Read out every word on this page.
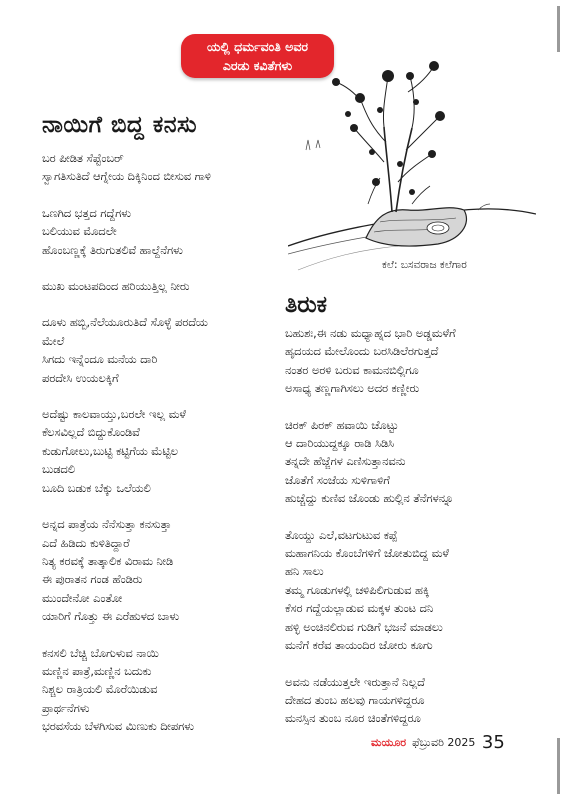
ಯಲ್ಲಿ ಧರ್ಮವಂತಿ ಅವರ
ಎರಡು ಕವಿತೆಗಳು
ನಾಯಿಗೆ ಬಿದ್ದ ಕನಸು
ಬರ ಪೀಡಿತ ಸೆಪ್ಟೆಂಬರ್
ಸ್ವಾಗತಿಸುತಿದೆ ಆಗ್ನೇಯ ದಿಕ್ಕಿನಿಂದ ಬೀಸುವ ಗಾಳಿ
ಒಣಗಿದ ಭತ್ತದ ಗದ್ದೆಗಳು
ಬಲಿಯುವ ಮೊದಲೇ
ಹೊಂಬಣ್ಣಕ್ಕೆ ತಿರುಗುತಲಿವೆ ಹಾಲ್ದೆನೆಗಳು
ಮುಖ ಮಂಟಪದಿಂದ ಹರಿಯುತ್ತಿಲ್ಲ ನೀರು
ದೂಳು ಹಬ್ಬಿ,ನೆಲೆಯೂರುತಿದೆ ಸೊಳ್ಳೆ ಪರದೆಯ
ಮೇಲೆ
ಸಿಗದು ಇನ್ನೆಂದೂ ಮನೆಯ ದಾರಿ
ಪರದೇಸಿ ಉಯಲಕ್ಕಿಗೆ
ಅದೆಷ್ಟು ಕಾಲವಾಯ್ತು,ಬರಲೇ ಇಲ್ಲ ಮಳೆ
ಕೆಲಸವಿಲ್ಲದೆ ಬಿದ್ದುಕೊಂಡಿವೆ
ಕುಡುಗೋಲು,ಬುಟ್ಟಿ ಕಟ್ಟಿಗೆಯ ಮೆಟ್ಟಿಲ
ಬುಡದಲಿ
ಬೂದಿ ಬಡುಕ ಬೆಕ್ಕು ಒಲೆಯಲಿ
ಅನ್ನದ ಪಾತ್ರೆಯ ನೆನೆಸುತ್ತಾ ಕನಸುತ್ತಾ
ಎದೆ ಹಿಡಿದು ಕುಳಿತಿದ್ದಾರೆ
ನಿತ್ಯ ಕರವಕ್ಕೆ ತಾತ್ಕಾಲಿಕ ವಿರಾಮ ನೀಡಿ
ಈ ಪುರಾತನ ಗಂಡ ಹೆಂಡಿರು
ಮುಂದೇನೋ ಎಂತೋ
ಯಾರಿಗೆ ಗೊತ್ತು ಈ ಎರೆಹುಳದ ಬಾಳು
ಕನಸಲಿ ಬೆಚ್ಚಿ ಬೊಗುಳುವ ನಾಯಿ
ಮಣ್ಣಿನ ಪಾತ್ರೆ,ಮಣ್ಣಿನ ಬದುಕು
ನಿಶ್ಚಲ ರಾತ್ರಿಯಲಿ ಮೊರೆಯಿಡುವ
ಪ್ರಾರ್ಥನೆಗಳು
ಭರವಸೆಯ ಬೆಳಗಿಸುವ ಮಿಣುಕು ದೀಪಗಳು
ಕಲೆ: ಬಸವರಾಜ ಕಲೆಗಾರ
ತಿರುಕ
ಬಹುಶಃ,ಈ ನಡು ಮಧ್ಯಾಹ್ನದ ಭಾರಿ ಅಡ್ಡಮಳೆಗೆ
ಹೃದಯದ ಮೇಲೊಂದು ಬರಸಿಡಿಲೆರಗುತ್ತದೆ
ನಂತರ ಅರಳಿ ಬರುವ ಕಾಮನಬಿಲ್ಲಿಗೂ
ಅಸಾಧ್ಯ ತಣ್ಣಗಾಗಿಸಲು ಅದರ ಕಣ್ಣೀರು
ಚಿರಕ್ ಪಿರಕ್ ಹವಾಯಿ ಚೊಟ್ಟು
ಆ ದಾರಿಯುದ್ದಕ್ಕೂ ರಾಡಿ ಸಿಡಿಸಿ
ತನ್ನದೇ ಹೆಜ್ಜೆಗಳ ಎಣಿಸುತ್ತಾನವನು
ಜೊತೆಗೆ ಸಂಜೆಯ ಸುಳಿಗಾಳಿಗೆ
ಹುಚ್ಚೆದ್ದು ಕುಣಿವ ಜೊಂಡು ಹುಲ್ಲಿನ ತೆನೆಗಳನ್ನೂ
ತೊಯ್ದು ಎಲೆ,ವಟಗುಟುವ ಕಪ್ಪೆ
ಮಹಾಗನಿಯ ಕೊಂಬೆಗಳಿಗೆ ಜೋತುಬಿದ್ದ ಮಳೆ
ಹನಿ ಸಾಲು
ತಮ್ಮ ಗೂಡುಗಳಲ್ಲಿ ಚಳಿಪಿಲಿಗುಡುವ ಹಕ್ಕಿ
ಕೆಸರ ಗದ್ದೆಯಲ್ಲಾಡುವ ಮಕ್ಕಳ ತುಂಟ ದನಿ
ಹಳ್ಳಿ ಅಂಚಿನಲಿರುವ ಗುಡಿಗೆ ಭಜನೆ ಮಾಡಲು
ಮನೆಗೆ ಕರೆವ ತಾಯಂದಿರ ಜೋರು ಕೂಗು
ಅವನು ನಡೆಯುತ್ತಲೇ ಇರುತ್ತಾನೆ ನಿಲ್ಲದೆ
ದೇಹದ ತುಂಬ ಹಲವು ಗಾಯಗಳಿದ್ದರೂ
ಮನಸ್ಸಿನ ತುಂಬ ನೂರ ಚಿಂತೆಗಳಿದ್ದರೂ
ಮಯೂರ ಫೆಬ್ರುವರಿ 2025 35
